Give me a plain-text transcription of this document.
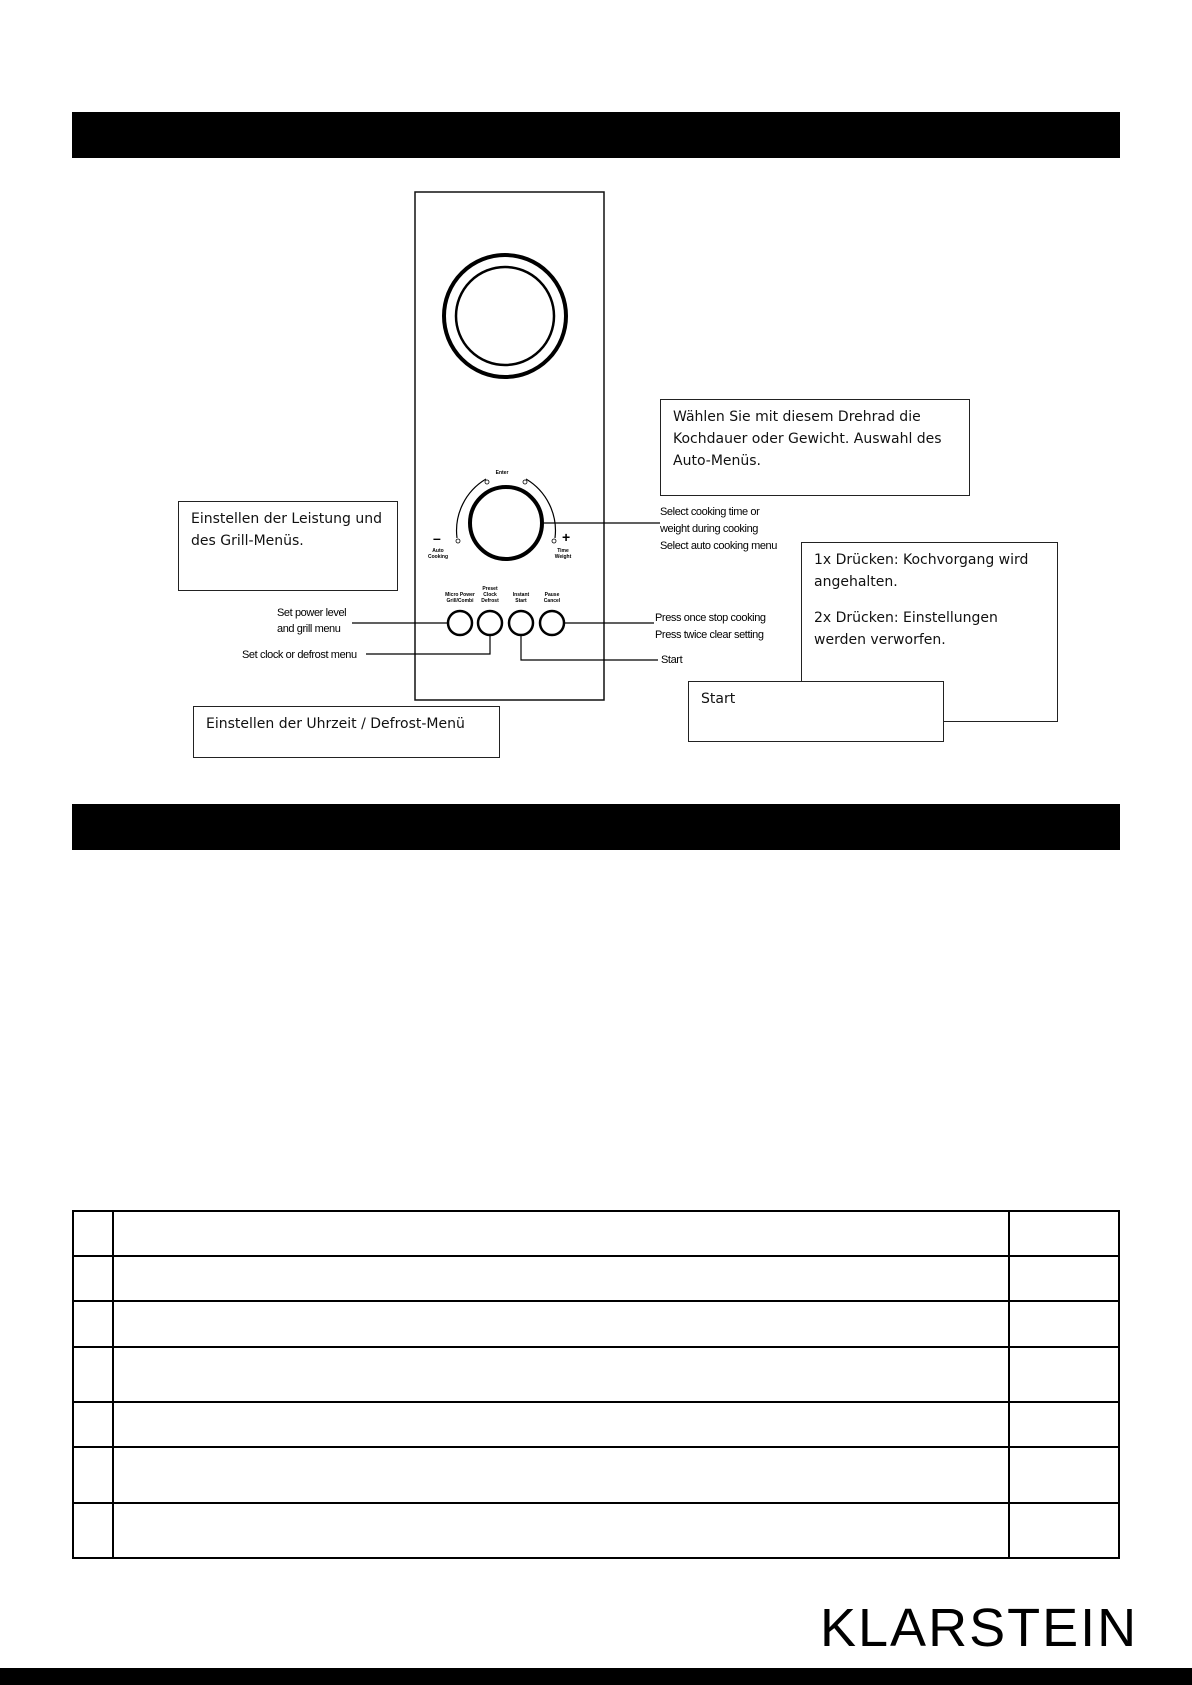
Enter
Auto Cooking
Time Weight
–	+
Micro Power Grill/Combi
Preset Clock Defrost
Instant Start
Pause Cancel
Wählen Sie mit diesem Drehrad die Kochdauer oder Gewicht. Auswahl des Auto-Menüs.
Einstellen der Leistung und des Grill-Menüs.
Einstellen der Uhrzeit / Defrost-Menü
1x Drücken: Kochvorgang wird angehalten.
2x Drücken: Einstellungen werden verworfen.
Start
Select cooking time or
weight during cooking
Select auto cooking menu
Set power level
and grill menu
Set clock or defrost menu
Press once stop cooking
Press twice clear setting
Start

KLARSTEIN
